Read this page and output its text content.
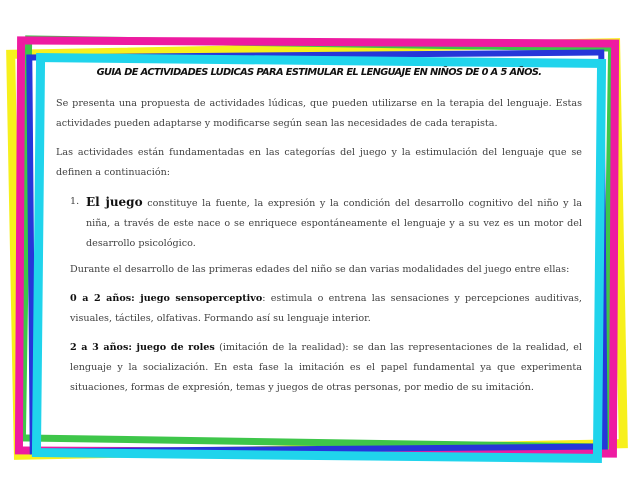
GUIA DE ACTIVIDADES LUDICAS PARA ESTIMULAR EL LENGUAJE EN NIÑOS DE 0 A 5 AÑOS.

Se presenta una propuesta de actividades lúdicas, que pueden utilizarse en la terapia del lenguaje. Estas actividades pueden adaptarse y modificarse según sean las necesidades de cada terapista.

Las actividades están fundamentadas en las categorías del juego y la estimulación del lenguaje que se definen a continuación:

1. El juego constituye la fuente, la expresión y la condición del desarrollo cognitivo del niño y la niña, a través de este nace o se enriquece espontáneamente el lenguaje y a su vez es un motor del desarrollo psicológico.

Durante el desarrollo de las primeras edades del niño se dan varias modalidades del juego entre ellas:

0 a 2 años: juego sensoperceptivo: estimula o entrena las sensaciones y percepciones auditivas, visuales, táctiles, olfativas. Formando así su lenguaje interior.

2 a 3 años: juego de roles (imitación de la realidad): se dan las representaciones de la realidad, el lenguaje y la socialización. En esta fase la imitación es el papel fundamental ya que experimenta situaciones, formas de expresión, temas y juegos de otras personas, por medio de su imitación.
